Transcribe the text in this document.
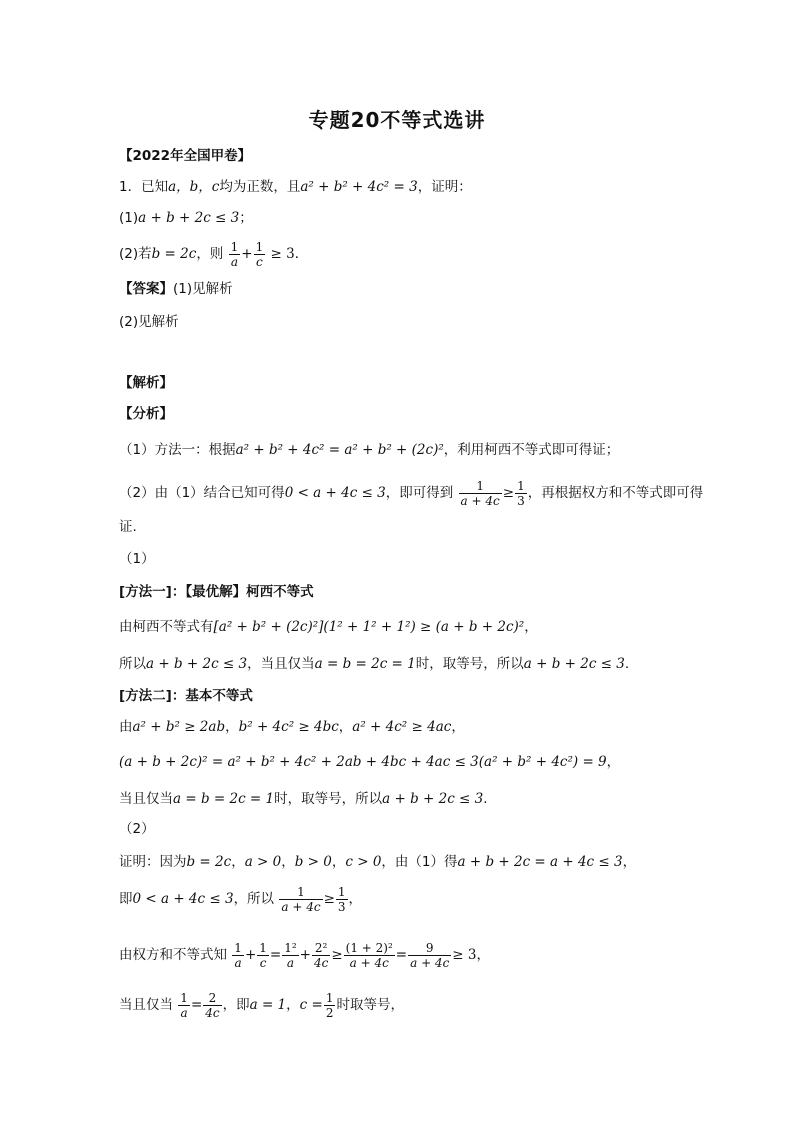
专题20不等式选讲
【2022年全国甲卷】
1．已知a，b，c均为正数，且a² + b² + 4c² = 3，证明：
(1)a + b + 2c ≤ 3；
(2)若b = 2c，则 $\frac{1}{a} + \frac{1}{c} \ge 3$．
【答案】(1)见解析
(2)见解析
【解析】
【分析】
（1）方法一：根据a² + b² + 4c² = a² + b² + (2c)²，利用柯西不等式即可得证；
（2）由（1）结合已知可得0 < a + 4c ≤ 3，即可得到 $\frac{1}{a + 4c} \ge \frac{1}{3}$ ，再根据权方和不等式即可得
证.
（1）
[方法一]：【最优解】柯西不等式
由柯西不等式有[a² + b² + (2c)²](1² + 1² + 1²) ≥ (a + b + 2c)²，
所以a + b + 2c ≤ 3，当且仅当a = b = 2c = 1时，取等号，所以a + b + 2c ≤ 3.
[方法二]：基本不等式
由a² + b² ≥ 2ab，b² + 4c² ≥ 4bc，a² + 4c² ≥ 4ac，
(a + b + 2c)² = a² + b² + 4c² + 2ab + 4bc + 4ac ≤ 3(a² + b² + 4c²) = 9，
当且仅当a = b = 2c = 1时，取等号，所以a + b + 2c ≤ 3.
（2）
证明：因为b = 2c，a > 0，b > 0，c > 0，由（1）得a + b + 2c = a + 4c ≤ 3，
即0 < a + 4c ≤ 3，所以 $\frac{1}{a + 4c} \ge \frac{1}{3}$ ，
由权方和不等式知 $\frac{1}{a} + \frac{1}{c} = \frac{\text{1²}}{a} + \frac{\text{2²}}{4c} \ge \frac{\text{(1 + 2)²}}{a + 4c} = \frac{9}{a + 4c} \ge 3$，
当且仅当 $\frac{1}{a} = \frac{2}{4c}$ ，即a = 1，$c = \frac{1}{2}$ 时取等号，
